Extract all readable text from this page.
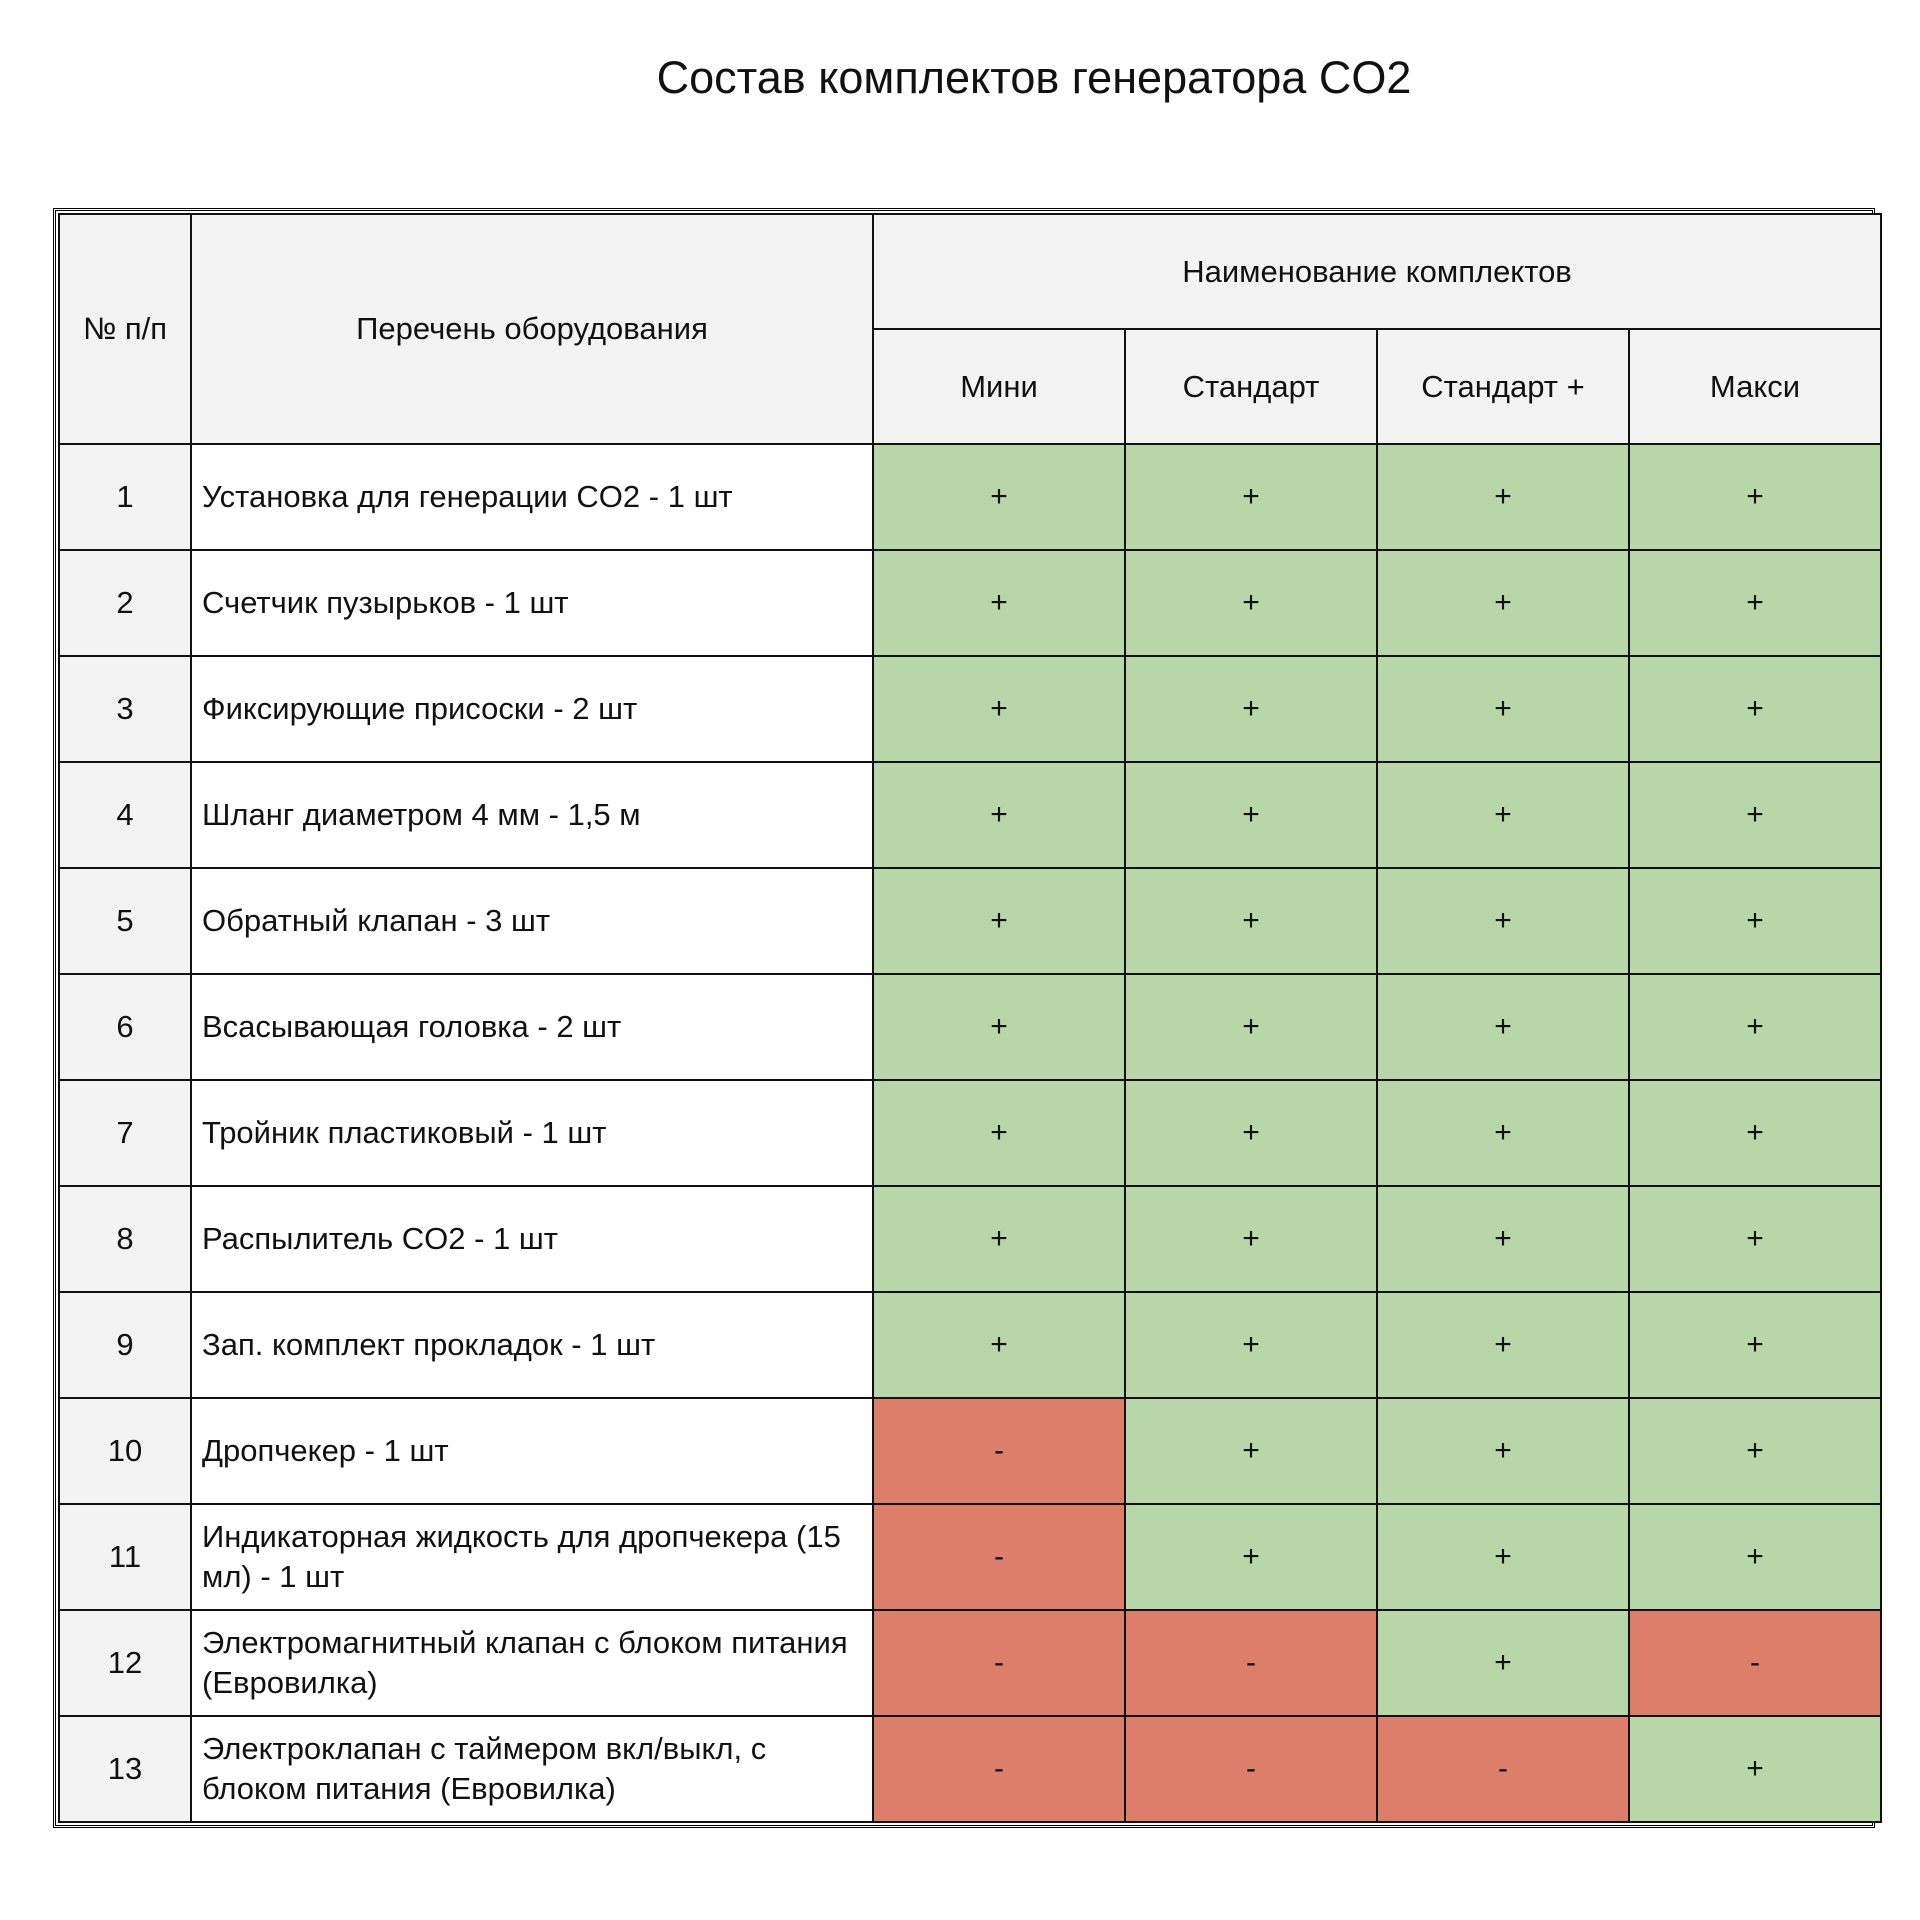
Состав комплектов генератора CO2
№ п/п	Перечень оборудования	Наименование комплектов			
		Мини	Стандарт	Стандарт +	Макси
1	Установка для генерации CO2 - 1 шт	+	+	+	+
2	Счетчик пузырьков - 1 шт	+	+	+	+
3	Фиксирующие присоски - 2 шт	+	+	+	+
4	Шланг диаметром 4 мм - 1,5 м	+	+	+	+
5	Обратный клапан - 3 шт	+	+	+	+
6	Всасывающая головка - 2 шт	+	+	+	+
7	Тройник пластиковый - 1 шт	+	+	+	+
8	Распылитель CO2 - 1 шт	+	+	+	+
9	Зап. комплект прокладок - 1 шт	+	+	+	+
10	Дропчекер - 1 шт	-	+	+	+
11	Индикаторная жидкость для дропчекера (15 мл) - 1 шт	-	+	+	+
12	Электромагнитный клапан с блоком питания (Евровилка)	-	-	+	-
13	Электроклапан с таймером вкл/выкл, с блоком питания (Евровилка)	-	-	-	+
